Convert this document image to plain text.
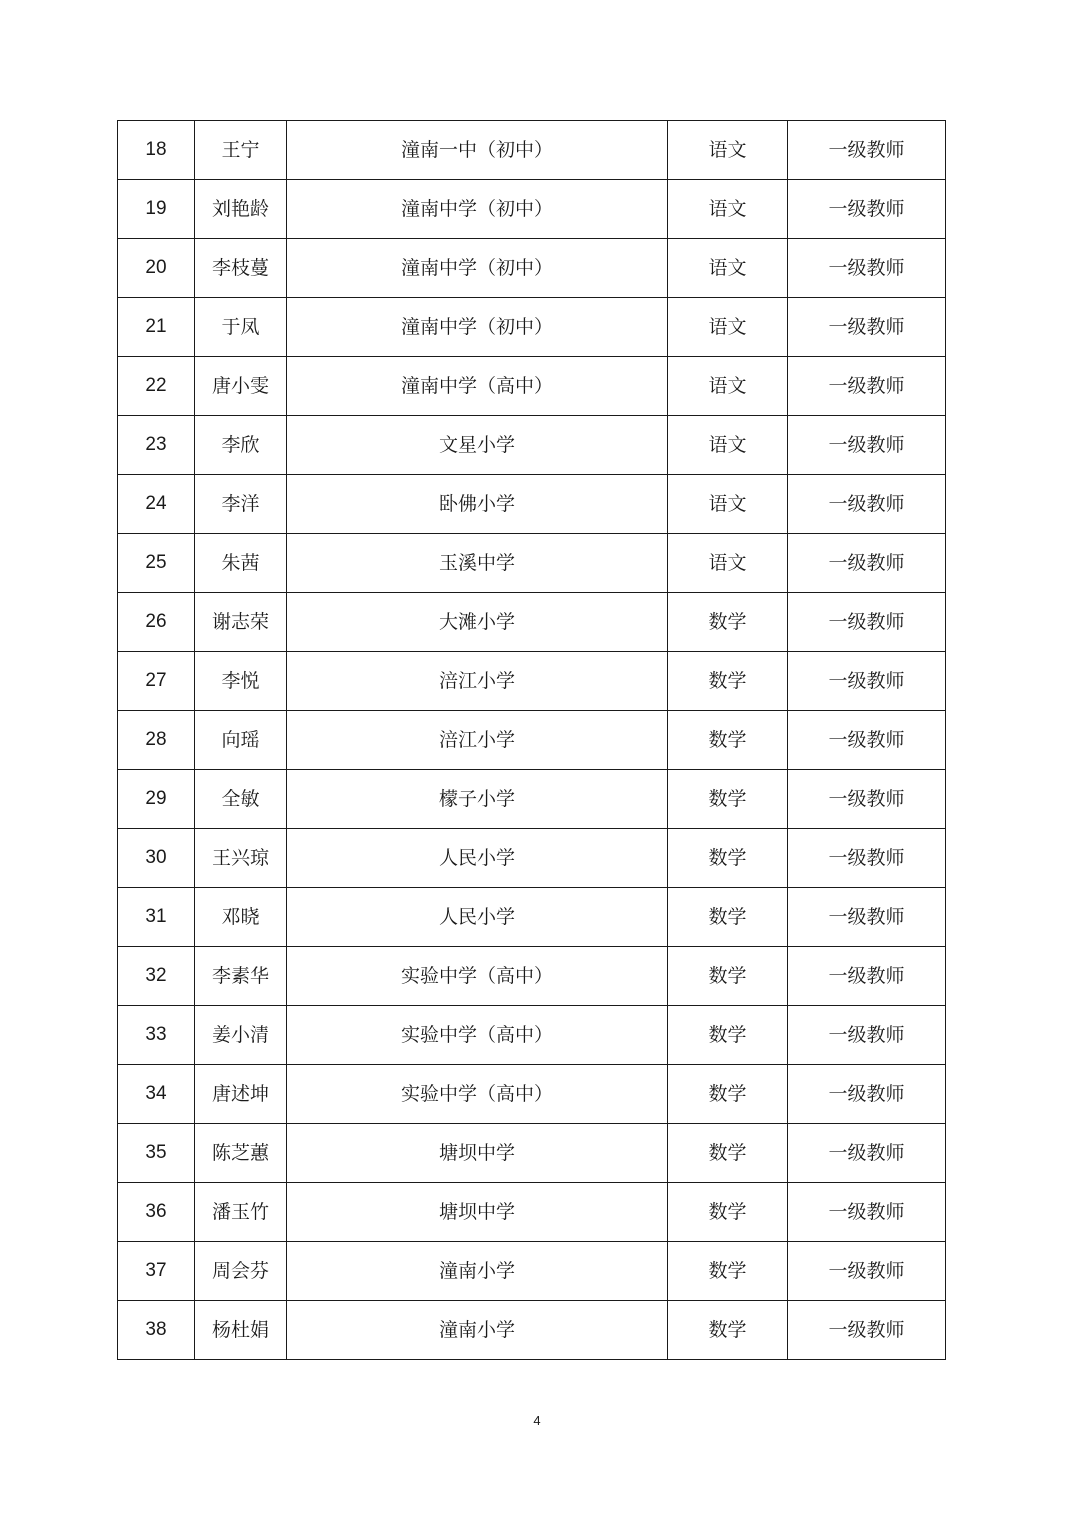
18	王宁	潼南一中（初中）	语文	一级教师
19	刘艳龄	潼南中学（初中）	语文	一级教师
20	李枝蔓	潼南中学（初中）	语文	一级教师
21	于凤	潼南中学（初中）	语文	一级教师
22	唐小雯	潼南中学（高中）	语文	一级教师
23	李欣	文星小学	语文	一级教师
24	李洋	卧佛小学	语文	一级教师
25	朱茜	玉溪中学	语文	一级教师
26	谢志荣	大滩小学	数学	一级教师
27	李悦	涪江小学	数学	一级教师
28	向瑶	涪江小学	数学	一级教师
29	全敏	檬子小学	数学	一级教师
30	王兴琼	人民小学	数学	一级教师
31	邓晓	人民小学	数学	一级教师
32	李素华	实验中学（高中）	数学	一级教师
33	姜小清	实验中学（高中）	数学	一级教师
34	唐述坤	实验中学（高中）	数学	一级教师
35	陈芝蕙	塘坝中学	数学	一级教师
36	潘玉竹	塘坝中学	数学	一级教师
37	周会芬	潼南小学	数学	一级教师
38	杨杜娟	潼南小学	数学	一级教师
4
